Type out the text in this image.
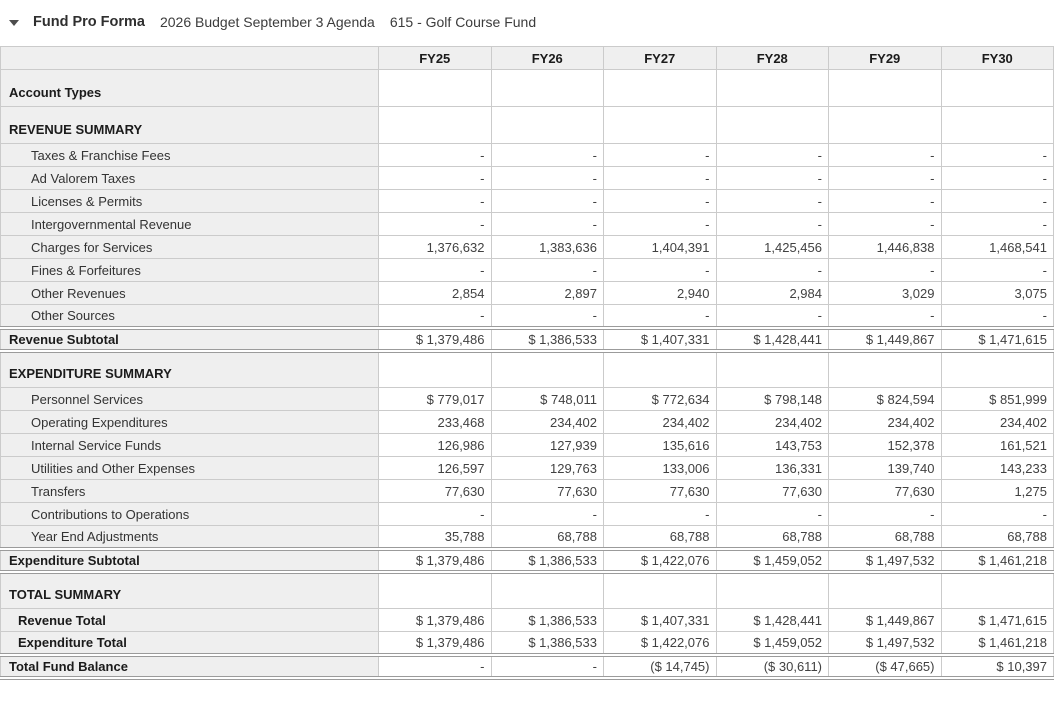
Fund Pro Forma 2026 Budget September 3 Agenda 615 - Golf Course Fund
	FY25	FY26	FY27	FY28	FY29	FY30
Account Types						
REVENUE SUMMARY						
Taxes & Franchise Fees	-	-	-	-	-	-
Ad Valorem Taxes	-	-	-	-	-	-
Licenses & Permits	-	-	-	-	-	-
Intergovernmental Revenue	-	-	-	-	-	-
Charges for Services	1,376,632	1,383,636	1,404,391	1,425,456	1,446,838	1,468,541
Fines & Forfeitures	-	-	-	-	-	-
Other Revenues	2,854	2,897	2,940	2,984	3,029	3,075
Other Sources	-	-	-	-	-	-
Revenue Subtotal	$ 1,379,486	$ 1,386,533	$ 1,407,331	$ 1,428,441	$ 1,449,867	$ 1,471,615
EXPENDITURE SUMMARY						
Personnel Services	$ 779,017	$ 748,011	$ 772,634	$ 798,148	$ 824,594	$ 851,999
Operating Expenditures	233,468	234,402	234,402	234,402	234,402	234,402
Internal Service Funds	126,986	127,939	135,616	143,753	152,378	161,521
Utilities and Other Expenses	126,597	129,763	133,006	136,331	139,740	143,233
Transfers	77,630	77,630	77,630	77,630	77,630	1,275
Contributions to Operations	-	-	-	-	-	-
Year End Adjustments	35,788	68,788	68,788	68,788	68,788	68,788
Expenditure Subtotal	$ 1,379,486	$ 1,386,533	$ 1,422,076	$ 1,459,052	$ 1,497,532	$ 1,461,218
TOTAL SUMMARY						
Revenue Total	$ 1,379,486	$ 1,386,533	$ 1,407,331	$ 1,428,441	$ 1,449,867	$ 1,471,615
Expenditure Total	$ 1,379,486	$ 1,386,533	$ 1,422,076	$ 1,459,052	$ 1,497,532	$ 1,461,218
Total Fund Balance	-	-	($ 14,745)	($ 30,611)	($ 47,665)	$ 10,397
